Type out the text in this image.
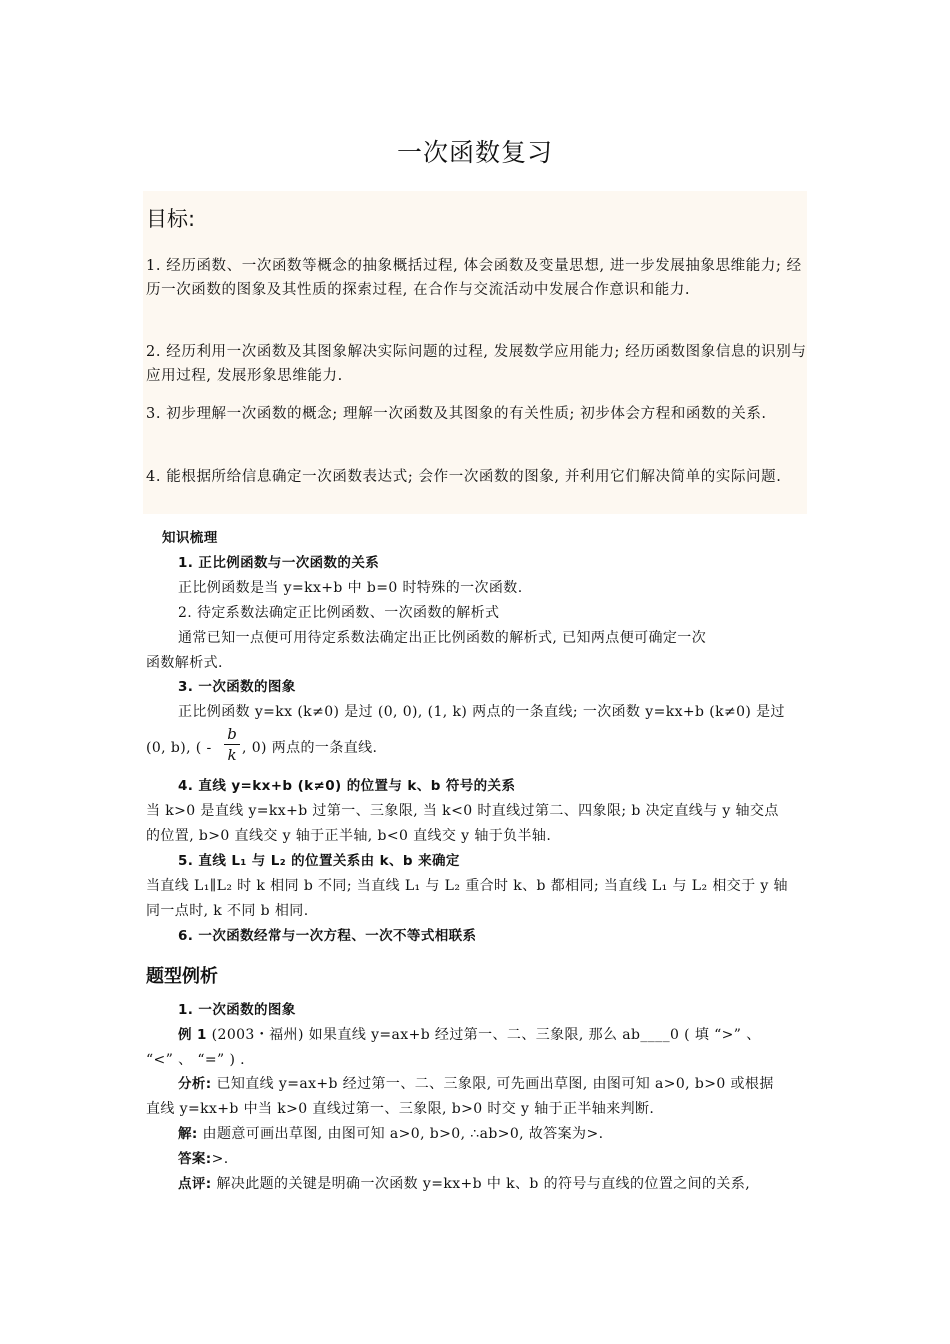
一次函数复习
目标:
1. 经历函数、一次函数等概念的抽象概括过程, 体会函数及变量思想, 进一步发展抽象思维能力; 经历一次函数的图象及其性质的探索过程, 在合作与交流活动中发展合作意识和能力.
2. 经历利用一次函数及其图象解决实际问题的过程, 发展数学应用能力; 经历函数图象信息的识别与应用过程, 发展形象思维能力.
3. 初步理解一次函数的概念; 理解一次函数及其图象的有关性质; 初步体会方程和函数的关系.
4. 能根据所给信息确定一次函数表达式; 会作一次函数的图象, 并利用它们解决简单的实际问题.
知识梳理
1. 正比例函数与一次函数的关系
正比例函数是当 y=kx+b 中 b=0 时特殊的一次函数.
2. 待定系数法确定正比例函数、一次函数的解析式
通常已知一点便可用待定系数法确定出正比例函数的解析式, 已知两点便可确定一次
函数解析式.
3. 一次函数的图象
正比例函数 y=kx (k≠0) 是过 (0, 0), (1, k) 两点的一条直线; 一次函数 y=kx+b (k≠0) 是过
(0, b), ( -
b
k , 0) 两点的一条直线.
4. 直线 y=kx+b (k≠0) 的位置与 k、b 符号的关系
当 k>0 是直线 y=kx+b 过第一、三象限, 当 k<0 时直线过第二、四象限; b 决定直线与 y 轴交点
的位置, b>0 直线交 y 轴于正半轴, b<0 直线交 y 轴于负半轴.
5. 直线 L₁ 与 L₂ 的位置关系由 k、b 来确定
当直线 L₁∥L₂ 时 k 相同 b 不同; 当直线 L₁ 与 L₂ 重合时 k、b 都相同; 当直线 L₁ 与 L₂ 相交于 y 轴
同一点时, k 不同 b 相同.
6. 一次函数经常与一次方程、一次不等式相联系
题型例析
1. 一次函数的图象
例 1 (2003・福州) 如果直线 y=ax+b 经过第一、二、三象限, 那么 ab____0 ( 填 “>” 、
“<” 、 “=” ) .
分析: 已知直线 y=ax+b 经过第一、二、三象限, 可先画出草图, 由图可知 a>0, b>0 或根据
直线 y=kx+b 中当 k>0 直线过第一、三象限, b>0 时交 y 轴于正半轴来判断.
解: 由题意可画出草图, 由图可知 a>0, b>0, ∴ab>0, 故答案为>.
答案:>.
点评: 解决此题的关键是明确一次函数 y=kx+b 中 k、b 的符号与直线的位置之间的关系,
